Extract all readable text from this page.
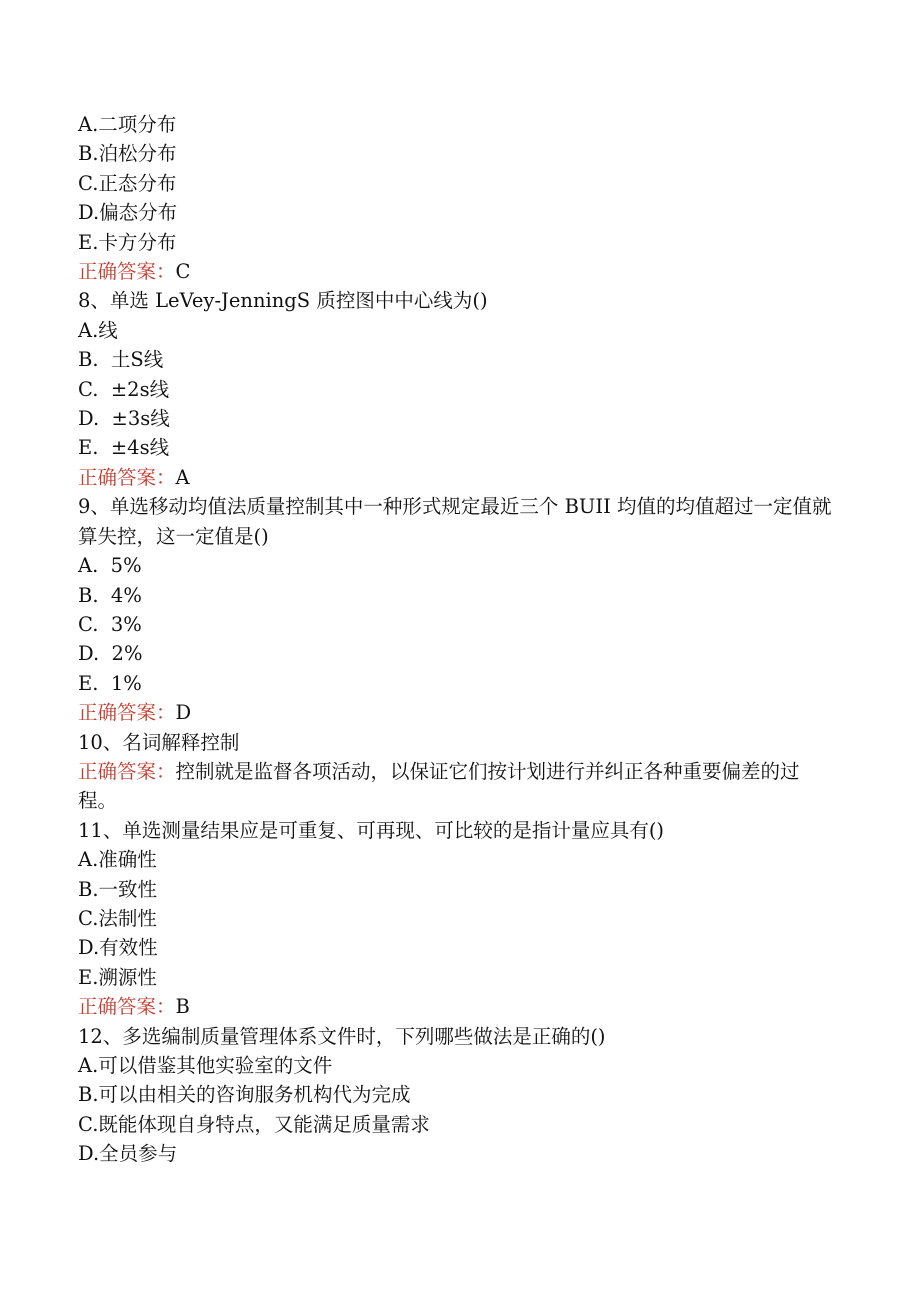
A.二项分布
B.泊松分布
C.正态分布
D.偏态分布
E.卡方分布
正确答案：C
8、单选 LeVey-JenningS 质控图中中心线为()
A.线
B.  土S线
C.  ±2s线
D.  ±3s线
E.  ±4s线
正确答案：A
9、单选移动均值法质量控制其中一种形式规定最近三个 BUII 均值的均值超过一定值就算失控，这一定值是()
A.  5%
B.  4%
C.  3%
D.  2%
E.  1%
正确答案：D
10、名词解释控制
正确答案：控制就是监督各项活动，以保证它们按计划进行并纠正各种重要偏差的过程。
11、单选测量结果应是可重复、可再现、可比较的是指计量应具有()
A.准确性
B.一致性
C.法制性
D.有效性
E.溯源性
正确答案：B
12、多选编制质量管理体系文件时，下列哪些做法是正确的()
A.可以借鉴其他实验室的文件
B.可以由相关的咨询服务机构代为完成
C.既能体现自身特点，又能满足质量需求
D.全员参与
